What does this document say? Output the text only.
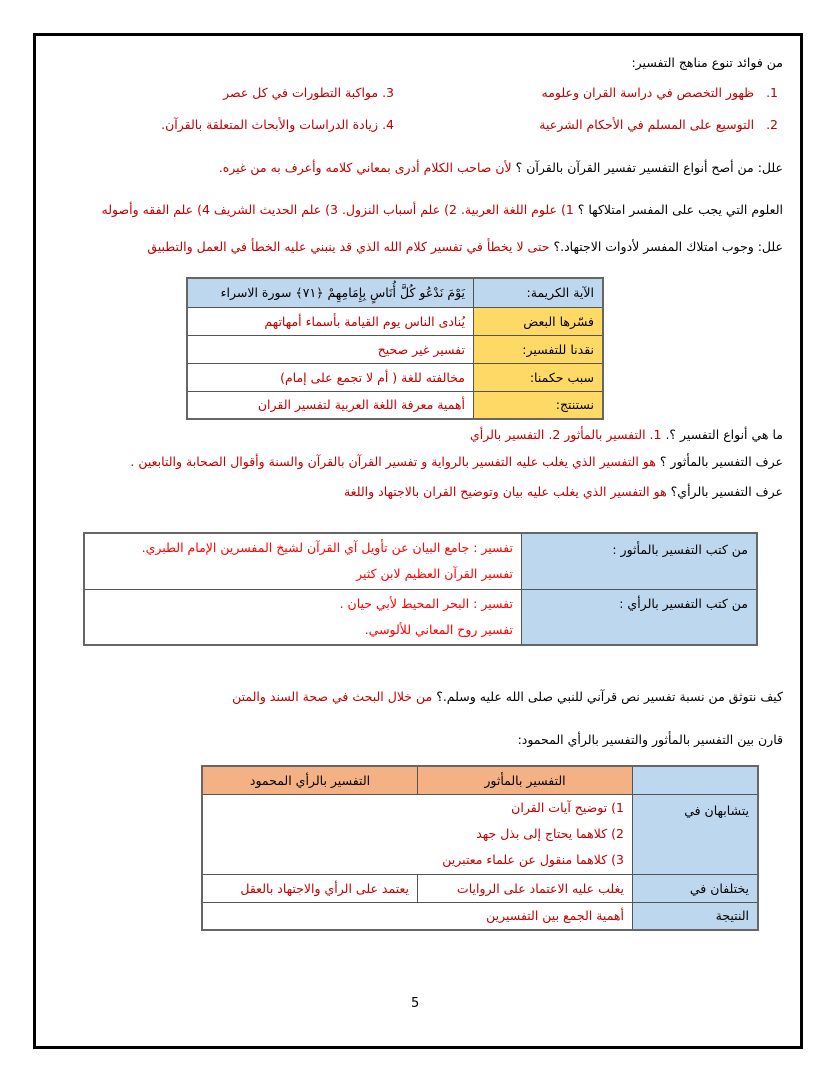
من فوائد تنوع مناهج التفسير:
1.   ظهور التخصص في دراسة القران وعلومه
3. مواكبة التطورات في كل عصر
2.   التوسيع على المسلم في الأحكام الشرعية
4. زيادة الدراسات والأبحاث المتعلقة بالقرآن.
علل: من أصح أنواع التفسير تفسير القرآن بالقرآن ؟ لأن صاحب الكلام أدرى بمعاني كلامه وأعرف به من غيره.
العلوم التي يجب على المفسر امتلاكها ؟ 1) علوم اللغة العربية. 2) علم أسباب النزول. 3) علم الحديث الشريف 4) علم الفقه وأصوله
علل: وجوب امتلاك المفسر لأدوات الاجتهاد.؟ حتى لا يخطأ في تفسير كلام الله الذي قد ينبني عليه الخطأ في العمل والتطبيق
الآية الكريمة:	يَوْمَ نَدْعُو كُلَّ أُنَاسٍ بِإِمَامِهِمْ ﴿٧١﴾ سورة الاسراء
فسّرها البعض	يُنادى الناس يوم القيامة بأسماء أمهاتهم
نقدنا للتفسير:	تفسير غير صحيح
سبب حكمنا:	مخالفته للغة ( أم لا تجمع على إمام)
نستنتج:	أهمية معرفة اللغة العربية لتفسير القران
ما هي أنواع التفسير ؟. 1. التفسير بالمأثور 2. التفسير بالرأي
عرف التفسير بالمأثور ؟ هو التفسير الذي يغلب عليه التفسير بالرواية و تفسير القرآن بالقرآن والسنة وأقوال الصحابة والتابعين .
عرف التفسير بالرأي؟ هو التفسير الذي يغلب عليه بيان وتوضيح القران بالاجتهاد واللغة
من كتب التفسير بالمأثور :	تفسير : جامع البيان عن تأويل آي القرآن لشيخ المفسرين الإمام الطبري.
تفسير القرآن العظيم لابن كثير

من كتب التفسير بالرأي :	تفسير : البحر المحيط لأبي حيان .
تفسير روح المعاني للألوسي.
كيف نتوثق من نسبة تفسير نص قرآني للنبي صلى الله عليه وسلم.؟ من خلال البحث في صحة السند والمتن
قارن بين التفسير بالمأثور والتفسير بالرأي المحمود:
	التفسير بالمأثور	التفسير بالرأي المحمود
يتشابهان في	1) توضيح آيات القران
2) كلاهما يحتاج إلى بذل جهد
3) كلاهما منقول عن علماء معتبرين	

يختلفان في	يغلب عليه الاعتماد على الروايات	يعتمد على الرأي والاجتهاد بالعقل
النتيجة	أهمية الجمع بين التفسيرين	
5
